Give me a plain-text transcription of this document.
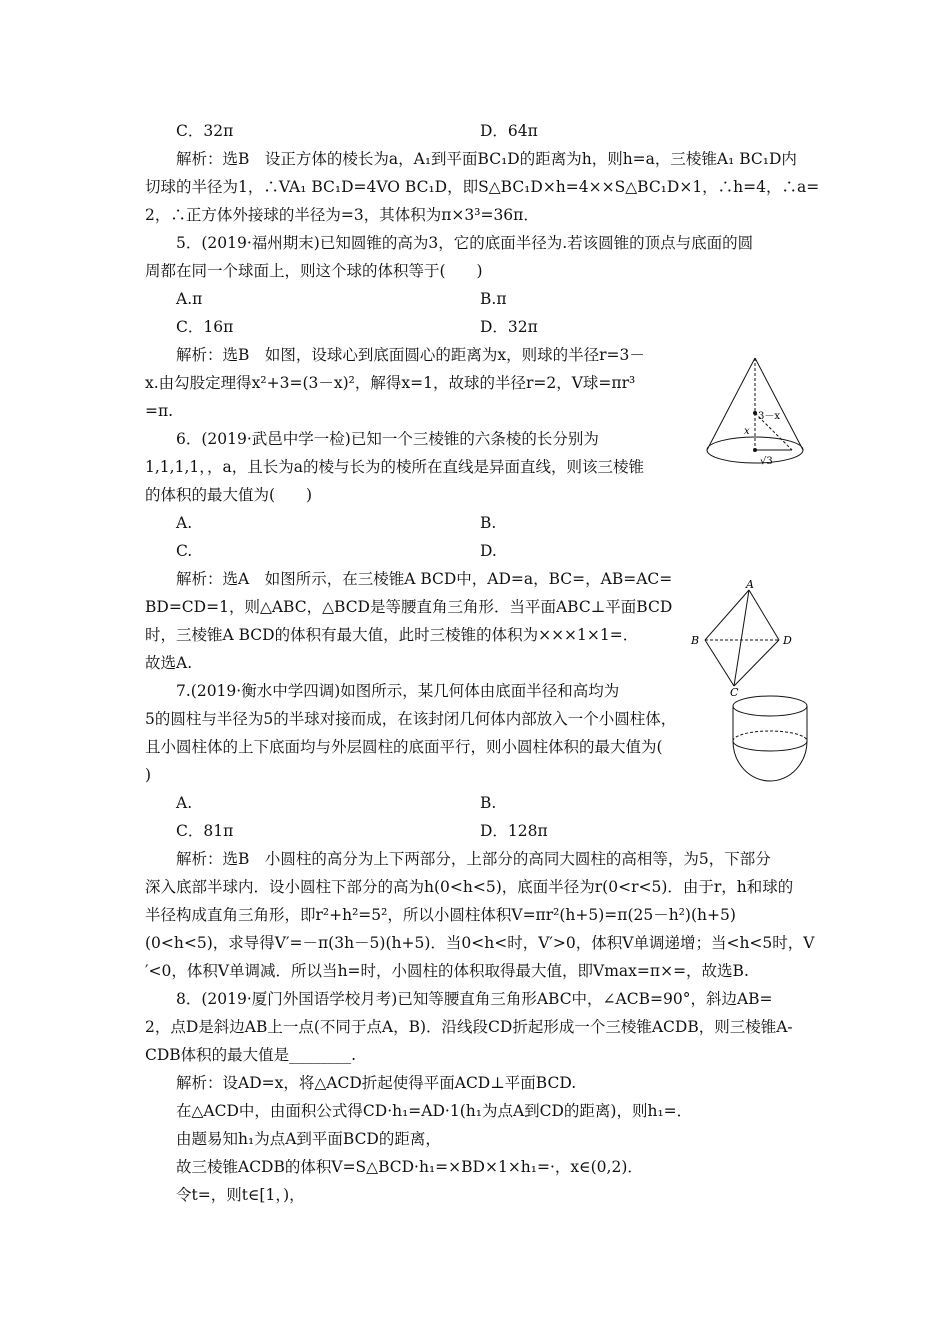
C．32π	D．64π
解析：选B　设正方体的棱长为a，A₁到平面BC₁D的距离为h，则h=a，三棱锥A₁ BC₁D内
切球的半径为1，∴VA₁ BC₁D=4VO BC₁D，即S△BC₁D×h=4××S△BC₁D×1，∴h=4，∴a=
2，∴正方体外接球的半径为=3，其体积为π×3³=36π．
5．(2019·福州期末)已知圆锥的高为3，它的底面半径为.若该圆锥的顶点与底面的圆
周都在同一个球面上，则这个球的体积等于(　　)
A.π	B.π
C．16π	D．32π
解析：选B　如图，设球心到底面圆心的距离为x，则球的半径r=3－
x.由勾股定理得x²+3=(3－x)²，解得x=1，故球的半径r=2，V球=πr³
=π.	3－x
x
√3
6．(2019·武邑中学一检)已知一个三棱锥的六条棱的长分别为
1,1,1,1，，a，且长为a的棱与长为的棱所在直线是异面直线，则该三棱锥
的体积的最大值为(　　)
A.	B.
C.	D.
解析：选A　如图所示，在三棱锥A BCD中，AD=a，BC=，AB=AC=
BD=CD=1，则△ABC，△BCD是等腰直角三角形．当平面ABC⊥平面BCD
时，三棱锥A BCD的体积有最大值，此时三棱锥的体积为×××1×1=．
故选A.
A
B	D
C
7.(2019·衡水中学四调)如图所示，某几何体由底面半径和高均为
5的圆柱与半径为5的半球对接而成，在该封闭几何体内部放入一个小圆柱体，
且小圆柱体的上下底面均与外层圆柱的底面平行，则小圆柱体积的最大值为(
)
A.	B.
C．81π	D．128π
解析：选B　小圆柱的高分为上下两部分，上部分的高同大圆柱的高相等，为5，下部分
深入底部半球内．设小圆柱下部分的高为h(0<h<5)，底面半径为r(0<r<5)．由于r，h和球的
半径构成直角三角形，即r²+h²=5²，所以小圆柱体积V=πr²(h+5)=π(25－h²)(h+5)
(0<h<5)，求导得V′=－π(3h－5)(h+5)．当0<h<时，V′>0，体积V单调递增；当<h<5时，V
′<0，体积V单调减．所以当h=时，小圆柱的体积取得最大值，即Vmax=π×=，故选B.
8．(2019·厦门外国语学校月考)已知等腰直角三角形ABC中，∠ACB=90°，斜边AB=
2，点D是斜边AB上一点(不同于点A，B)．沿线段CD折起形成一个三棱锥ACDB，则三棱锥A-
CDB体积的最大值是________.
解析：设AD=x，将△ACD折起使得平面ACD⊥平面BCD.
在△ACD中，由面积公式得CD·h₁=AD·1(h₁为点A到CD的距离)，则h₁=．
由题易知h₁为点A到平面BCD的距离，
故三棱锥ACDB的体积V=S△BCD·h₁=×BD×1×h₁=·，x∈(0,2)．
令t=，则t∈[1，)，
